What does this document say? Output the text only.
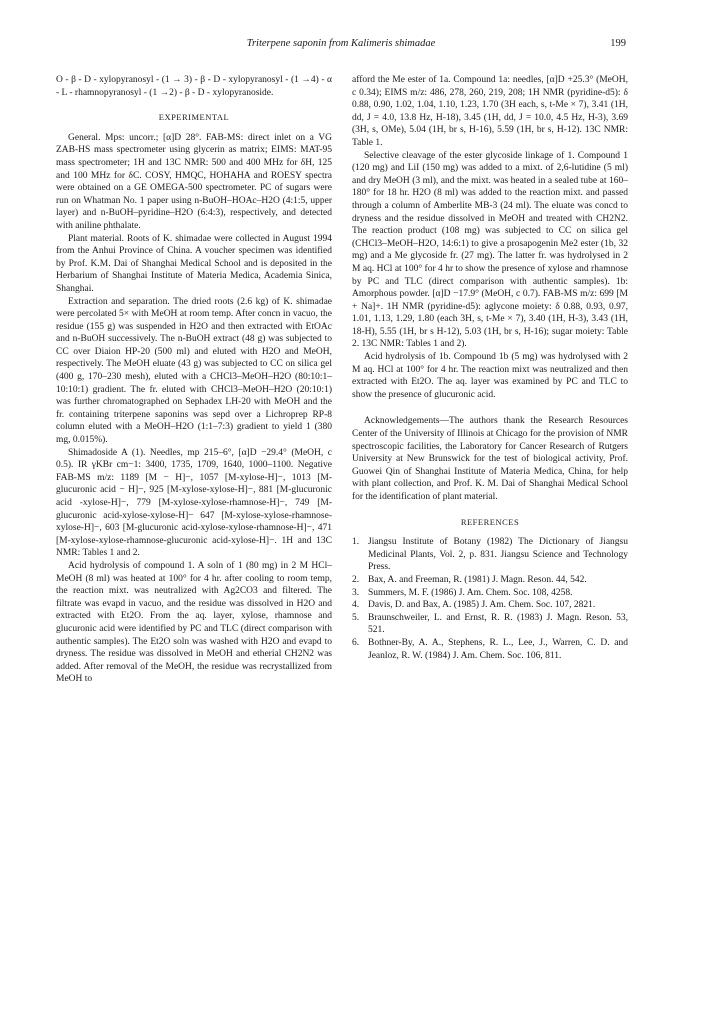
Triterpene saponin from Kalimeris shimadae	199

O - β - D - xylopyranosyl - (1 → 3) - β - D - xylopyranosyl - (1 →4) - α - L - rhamnopyranosyl - (1 →2) - β - D - xylopyranoside.

EXPERIMENTAL

General. Mps: uncorr.; [α]D 28°. FAB-MS: direct inlet on a VG ZAB-HS mass spectrometer using glycerin as matrix; EIMS: MAT-95 mass spectrometer; 1H and 13C NMR: 500 and 400 MHz for δH, 125 and 100 MHz for δC. COSY, HMQC, HOHAHA and ROESY spectra were obtained on a GE OMEGA-500 spectrometer. PC of sugars were run on Whatman No. 1 paper using n-BuOH–HOAc–H2O (4:1:5, upper layer) and n-BuOH–pyridine–H2O (6:4:3), respectively, and detected with aniline phthalate.

Plant material. Roots of K. shimadae were collected in August 1994 from the Anhui Province of China. A voucher specimen was identified by Prof. K.M. Dai of Shanghai Medical School and is deposited in the Herbarium of Shanghai Institute of Materia Medica, Academia Sinica, Shanghai.

Extraction and separation. The dried roots (2.6 kg) of K. shimadae were percolated 5× with MeOH at room temp. After concn in vacuo, the residue (155 g) was suspended in H2O and then extracted with EtOAc and n-BuOH successively. The n-BuOH extract (48 g) was subjected to CC over Diaion HP-20 (500 ml) and eluted with H2O and MeOH, respectively. The MeOH eluate (43 g) was subjected to CC on silica gel (400 g, 170–230 mesh), eluted with a CHCl3–MeOH–H2O (80:10:1–10:10:1) gradient. The fr. eluted with CHCl3–MeOH–H2O (20:10:1) was further chromatographed on Sephadex LH-20 with MeOH and the fr. containing triterpene saponins was sepd over a Lichroprep RP-8 column eluted with a MeOH–H2O (1:1–7:3) gradient to yield 1 (380 mg, 0.015%).

Shimadoside A (1). Needles, mp 215–6°, [α]D −29.4° (MeOH, c 0.5). IR γKBr cm−1: 3400, 1735, 1709, 1640, 1000–1100. Negative FAB-MS m/z: 1189 [M − H]−, 1057 [M-xylose-H]−, 1013 [M-glucuronic acid − H]−, 925 [M-xylose-xylose-H]−, 881 [M-glucuronic acid -xylose-H]−, 779 [M-xylose-xylose-rhamnose-H]−, 749 [M-glucuronic acid-xylose-xylose-H]− 647 [M-xylose-xylose-rhamnose-xylose-H]−, 603 [M-glucuronic acid-xylose-xylose-rhamnose-H]−, 471 [M-xylose-xylose-rhamnose-glucuronic acid-xylose-H]−. 1H and 13C NMR: Tables 1 and 2.

Acid hydrolysis of compound 1. A soln of 1 (80 mg) in 2 M HCl–MeOH (8 ml) was heated at 100° for 4 hr. after cooling to room temp, the reaction mixt. was neutralized with Ag2CO3 and filtered. The filtrate was evapd in vacuo, and the residue was dissolved in H2O and extracted with Et2O. From the aq. layer, xylose, rhamnose and glucuronic acid were identified by PC and TLC (direct comparison with authentic samples). The Et2O soln was washed with H2O and evapd to dryness. The residue was dissolved in MeOH and etherial CH2N2 was added. After removal of the MeOH, the residue was recrystallized from MeOH to

afford the Me ester of 1a. Compound 1a: needles, [α]D +25.3° (MeOH, c 0.34); EIMS m/z: 486, 278, 260, 219, 208; 1H NMR (pyridine-d5): δ 0.88, 0.90, 1.02, 1.04, 1.10, 1.23, 1.70 (3H each, s, t-Me × 7), 3.41 (1H, dd, J = 4.0, 13.8 Hz, H-18), 3.45 (1H, dd, J = 10.0, 4.5 Hz, H-3), 3.69 (3H, s, OMe), 5.04 (1H, br s, H-16), 5.59 (1H, br s, H-12). 13C NMR: Table 1.

Selective cleavage of the ester glycoside linkage of 1. Compound 1 (120 mg) and LiI (150 mg) was added to a mixt. of 2,6-lutidine (5 ml) and dry MeOH (3 ml), and the mixt. was heated in a sealed tube at 160–180° for 18 hr. H2O (8 ml) was added to the reaction mixt. and passed through a column of Amberlite MB-3 (24 ml). The eluate was concd to dryness and the residue dissolved in MeOH and treated with CH2N2. The reaction product (108 mg) was subjected to CC on silica gel (CHCl3–MeOH–H2O, 14:6:1) to give a prosapogenin Me2 ester (1b, 32 mg) and a Me glycoside fr. (27 mg). The latter fr. was hydrolysed in 2 M aq. HCl at 100° for 4 hr to show the presence of xylose and rhamnose by PC and TLC (direct comparison with authentic samples). 1b: Amorphous powder. [α]D −17.9° (MeOH, c 0.7). FAB-MS m/z: 699 [M + Na]+. 1H NMR (pyridine-d5): aglycone moiety: δ 0.88, 0.93, 0.97, 1.01, 1.13, 1.29, 1.80 (each 3H, s, t-Me × 7), 3.40 (1H, H-3), 3.43 (1H, 18-H), 5.55 (1H, br s H-12), 5.03 (1H, br s, H-16); sugar moiety: Table 2. 13C NMR: Tables 1 and 2).

Acid hydrolysis of 1b. Compound 1b (5 mg) was hydrolysed with 2 M aq. HCl at 100° for 4 hr. The reaction mixt was neutralized and then extracted with Et2O. The aq. layer was examined by PC and TLC to show the presence of glucuronic acid.

Acknowledgements—The authors thank the Research Resources Center of the University of Illinois at Chicago for the provision of NMR spectroscopic facilities, the Laboratory for Cancer Research of Rutgers University at New Brunswick for the test of biological activity, Prof. Guowei Qin of Shanghai Institute of Materia Medica, China, for help with plant collection, and Prof. K. M. Dai of Shanghai Medical School for the identification of plant material.

REFERENCES
1. Jiangsu Institute of Botany (1982) The Dictionary of Jiangsu Medicinal Plants, Vol. 2, p. 831. Jiangsu Science and Technology Press.
2. Bax, A. and Freeman, R. (1981) J. Magn. Reson. 44, 542.
3. Summers, M. F. (1986) J. Am. Chem. Soc. 108, 4258.
4. Davis, D. and Bax, A. (1985) J. Am. Chem. Soc. 107, 2821.
5. Braunschweiler, L. and Ernst, R. R. (1983) J. Magn. Reson. 53, 521.
6. Bothner-By, A. A., Stephens, R. L., Lee, J., Warren, C. D. and Jeanloz, R. W. (1984) J. Am. Chem. Soc. 106, 811.
